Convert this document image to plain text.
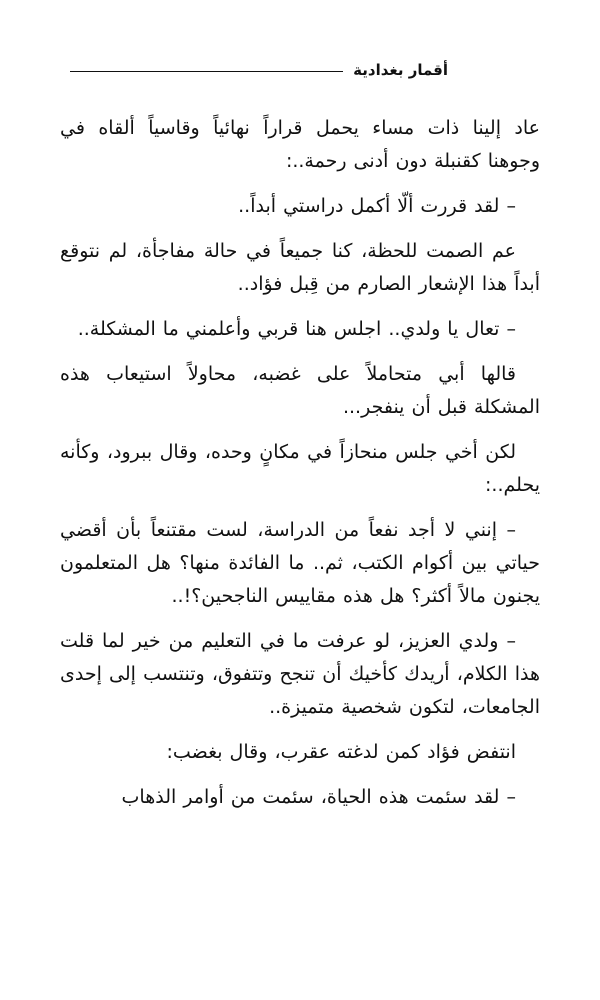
أقمار بغدادية

عاد إلينا ذات مساء يحمل قراراً نهائياً وقاسياً ألقاه في وجوهنا كقنبلة دون أدنى رحمة..:

– لقد قررت ألّا أكمل دراستي أبداً..

عم الصمت للحظة، كنا جميعاً في حالة مفاجأة، لم نتوقع أبداً هذا الإشعار الصارم من قِبل فؤاد..

– تعال يا ولدي.. اجلس هنا قربي وأعلمني ما المشكلة..

قالها أبي متحاملاً على غضبه، محاولاً استيعاب هذه المشكلة قبل أن ينفجر...

لكن أخي جلس منحازاً في مكانٍ وحده، وقال ببرود، وكأنه يحلم..:

– إنني لا أجد نفعاً من الدراسة، لست مقتنعاً بأن أقضي حياتي بين أكوام الكتب، ثم.. ما الفائدة منها؟ هل المتعلمون يجنون مالاً أكثر؟ هل هذه مقاييس الناجحين؟!..

– ولدي العزيز، لو عرفت ما في التعليم من خير لما قلت هذا الكلام، أريدك كأخيك أن تنجح وتتفوق، وتنتسب إلى إحدى الجامعات، لتكون شخصية متميزة..

انتفض فؤاد كمن لدغته عقرب، وقال بغضب:

– لقد سئمت هذه الحياة، سئمت من أوامر الذهاب
